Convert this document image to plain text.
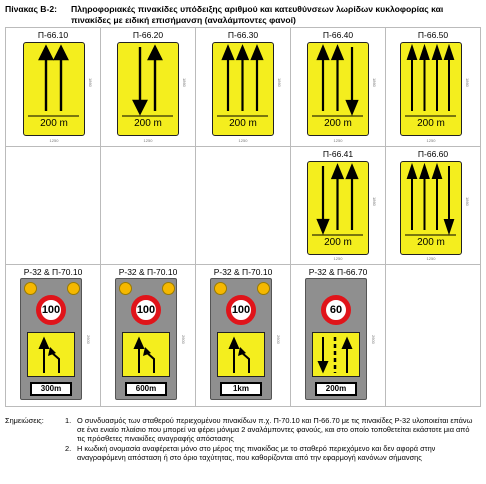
Πίνακας Β-2: Πληροφοριακές πινακίδες υπόδειξης αριθμού και κατευθύνσεων λωρίδων κυκλοφορίας και πινακίδες με ειδική επισήμανση (αναλάμποντες φανοί)
Π-66.10
200 m
1860
1250
Π-66.20
200 m
1860
1250
Π-66.30
200 m
1860
1250
Π-66.40
200 m
1860
1250
Π-66.50
200 m
1860
1250
Π-66.41
200 m
1860
1250
Π-66.60
200 m
1860
1250
Ρ-32 & Π-70.10
100
300m
2600
Ρ-32 & Π-70.10
100
600m
2600
Ρ-32 & Π-70.10
100
1km
2600
Ρ-32 & Π-66.70
60
200m
2600
Σημειώσεις:	1. Ο συνδυασμός των σταθερού περιεχομένου πινακίδων π.χ. Π-70.10 και Π-66.70 με τις πινακίδες Ρ-32 υλοποιείται επάνω σε ένα ενιαίο πλαίσιο που μπορεί να φέρει μόνιμα 2 αναλάμποντες φανούς, και στο οποίο τοποθετείται εκάστοτε μια από τις πρόσθετες πινακίδες αναγραφής απόστασης
2. Η κωδική ονομασία αναφέρεται μόνο στο μέρος της πινακίδας με το σταθερό περιεχόμενο και δεν αφορά στην αναγραφόμενη απόσταση ή στο όριο ταχύτητας, που καθορίζονται από την εφαρμογή κανόνων σήμανσης
